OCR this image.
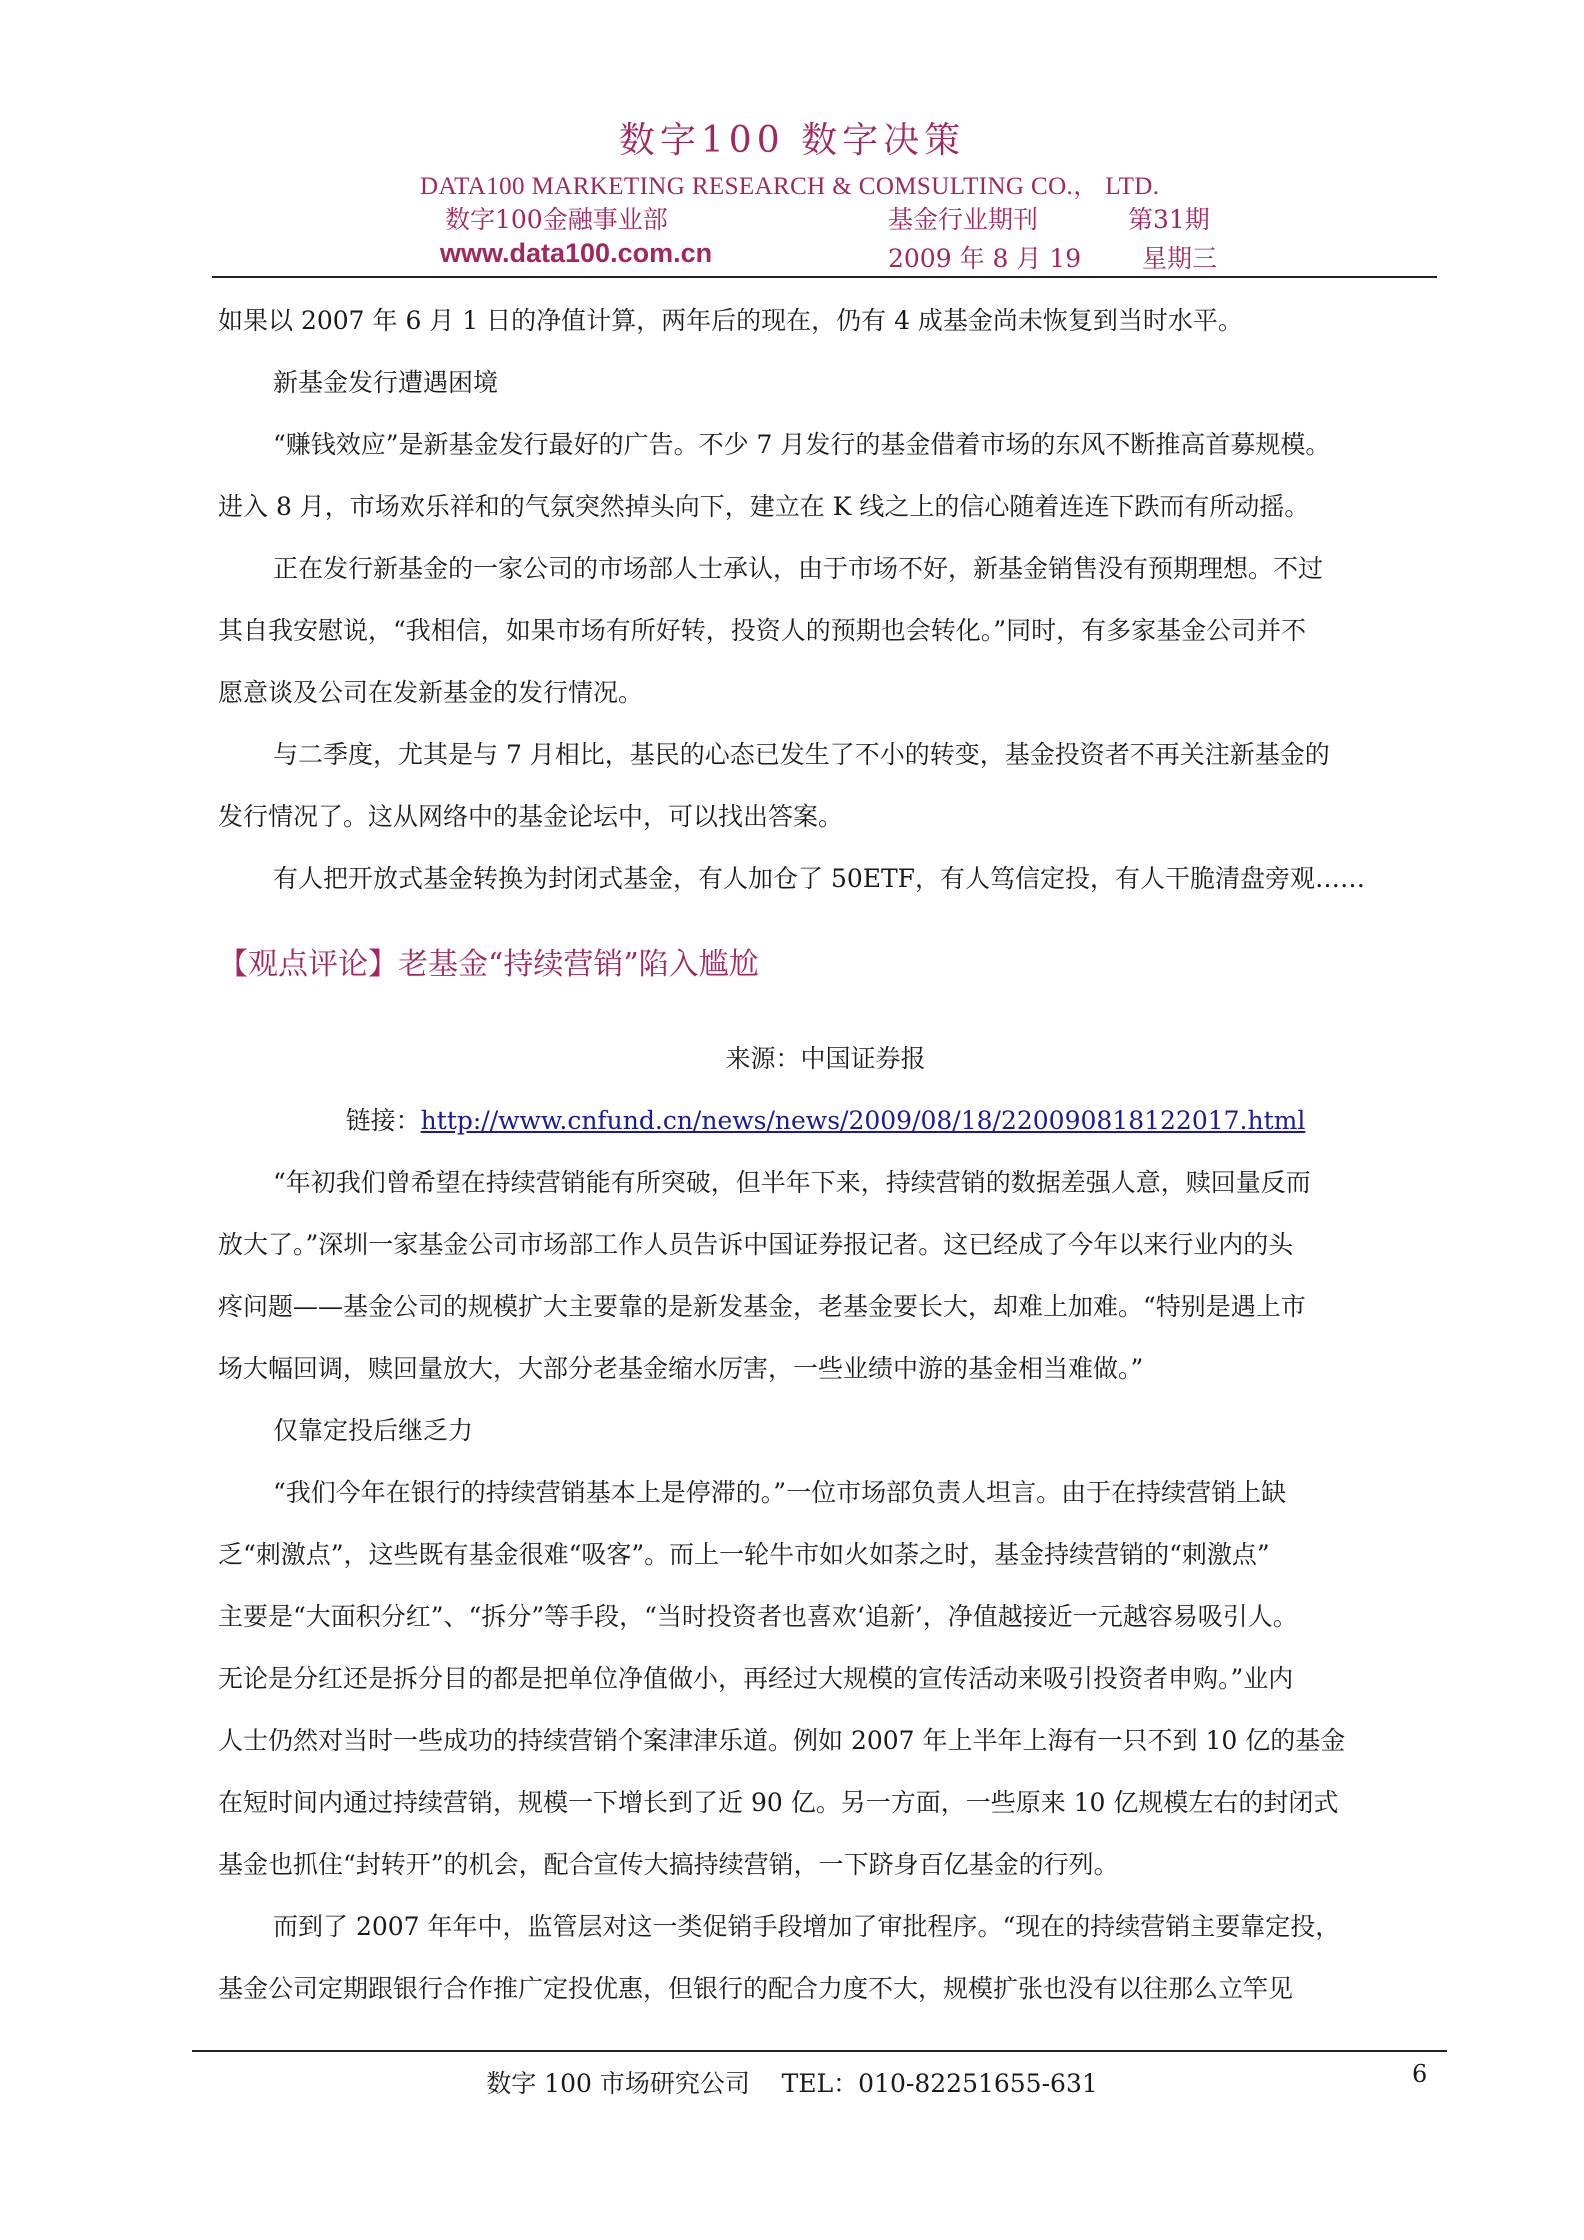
数字100 数字决策
DATA100 MARKETING RESEARCH & COMSULTING CO.， LTD.
数字100金融事业部	基金行业期刊	第31期
www.data100.com.cn	2009 年 8 月 19 星期三

如果以 2007 年 6 月 1 日的净值计算，两年后的现在，仍有 4 成基金尚未恢复到当时水平。

新基金发行遭遇困境

“赚钱效应”是新基金发行最好的广告。不少 7 月发行的基金借着市场的东风不断推高首募规模。

进入 8 月，市场欢乐祥和的气氛突然掉头向下，建立在 K 线之上的信心随着连连下跌而有所动摇。

正在发行新基金的一家公司的市场部人士承认，由于市场不好，新基金销售没有预期理想。不过

其自我安慰说，“我相信，如果市场有所好转，投资人的预期也会转化。”同时，有多家基金公司并不

愿意谈及公司在发新基金的发行情况。

与二季度，尤其是与 7 月相比，基民的心态已发生了不小的转变，基金投资者不再关注新基金的

发行情况了。这从网络中的基金论坛中，可以找出答案。

有人把开放式基金转换为封闭式基金，有人加仓了 50ETF，有人笃信定投，有人干脆清盘旁观……

【观点评论】老基金“持续营销”陷入尴尬

来源：中国证券报

链接：http://www.cnfund.cn/news/news/2009/08/18/220090818122017.html

“年初我们曾希望在持续营销能有所突破，但半年下来，持续营销的数据差强人意，赎回量反而

放大了。”深圳一家基金公司市场部工作人员告诉中国证券报记者。这已经成了今年以来行业内的头

疼问题——基金公司的规模扩大主要靠的是新发基金，老基金要长大，却难上加难。“特别是遇上市

场大幅回调，赎回量放大，大部分老基金缩水厉害，一些业绩中游的基金相当难做。”

仅靠定投后继乏力

“我们今年在银行的持续营销基本上是停滞的。”一位市场部负责人坦言。由于在持续营销上缺

乏“刺激点”，这些既有基金很难“吸客”。而上一轮牛市如火如荼之时，基金持续营销的“刺激点”

主要是“大面积分红”、“拆分”等手段，“当时投资者也喜欢‘追新’，净值越接近一元越容易吸引人。

无论是分红还是拆分目的都是把单位净值做小，再经过大规模的宣传活动来吸引投资者申购。”业内

人士仍然对当时一些成功的持续营销个案津津乐道。例如 2007 年上半年上海有一只不到 10 亿的基金

在短时间内通过持续营销，规模一下增长到了近 90 亿。另一方面，一些原来 10 亿规模左右的封闭式

基金也抓住“封转开”的机会，配合宣传大搞持续营销，一下跻身百亿基金的行列。

而到了 2007 年年中，监管层对这一类促销手段增加了审批程序。“现在的持续营销主要靠定投，

基金公司定期跟银行合作推广定投优惠，但银行的配合力度不大，规模扩张也没有以往那么立竿见

数字 100 市场研究公司 TEL：010-82251655-631	6
